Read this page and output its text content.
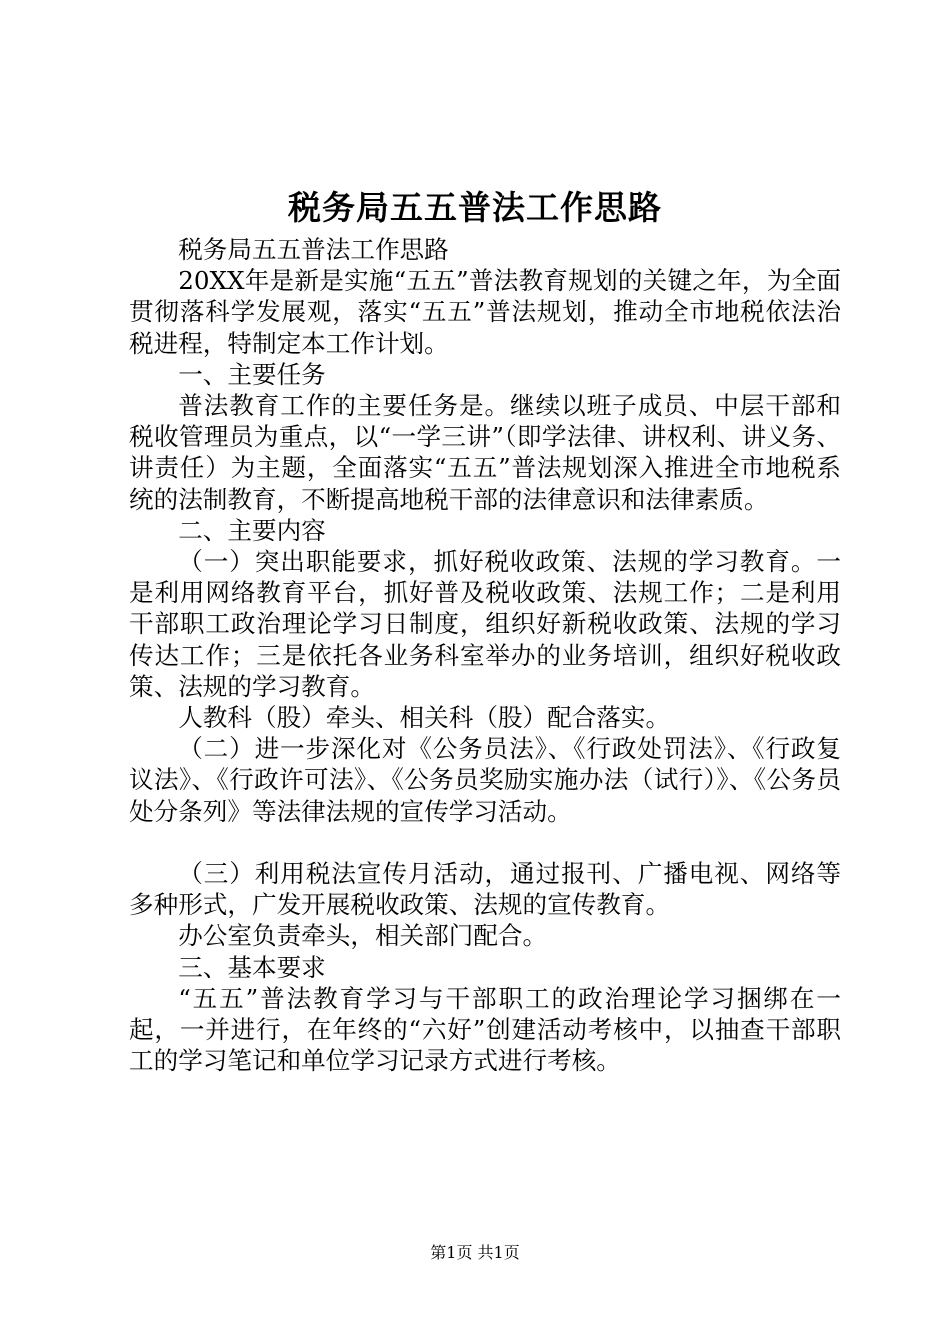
税务局五五普法工作思路

税务局五五普法工作思路

20XX年是新是实施“五五”普法教育规划的关键之年，为全面贯彻落科学发展观，落实“五五”普法规划，推动全市地税依法治税进程，特制定本工作计划。

一、主要任务

普法教育工作的主要任务是。继续以班子成员、中层干部和税收管理员为重点，以“一学三讲”（即学法律、讲权利、讲义务、讲责任）为主题，全面落实“五五”普法规划深入推进全市地税系统的法制教育，不断提高地税干部的法律意识和法律素质。

二、主要内容

（一）突出职能要求，抓好税收政策、法规的学习教育。一是利用网络教育平台，抓好普及税收政策、法规工作；二是利用干部职工政治理论学习日制度，组织好新税收政策、法规的学习传达工作；三是依托各业务科室举办的业务培训，组织好税收政策、法规的学习教育。

人教科（股）牵头、相关科（股）配合落实。

（二）进一步深化对《公务员法》、《行政处罚法》、《行政复议法》、《行政许可法》、《公务员奖励实施办法（试行）》、《公务员处分条列》等法律法规的宣传学习活动。

（三）利用税法宣传月活动，通过报刊、广播电视、网络等多种形式，广发开展税收政策、法规的宣传教育。

办公室负责牵头，相关部门配合。

三、基本要求

“五五”普法教育学习与干部职工的政治理论学习捆绑在一起，一并进行，在年终的“六好”创建活动考核中，以抽查干部职工的学习笔记和单位学习记录方式进行考核。

第1页 共1页
